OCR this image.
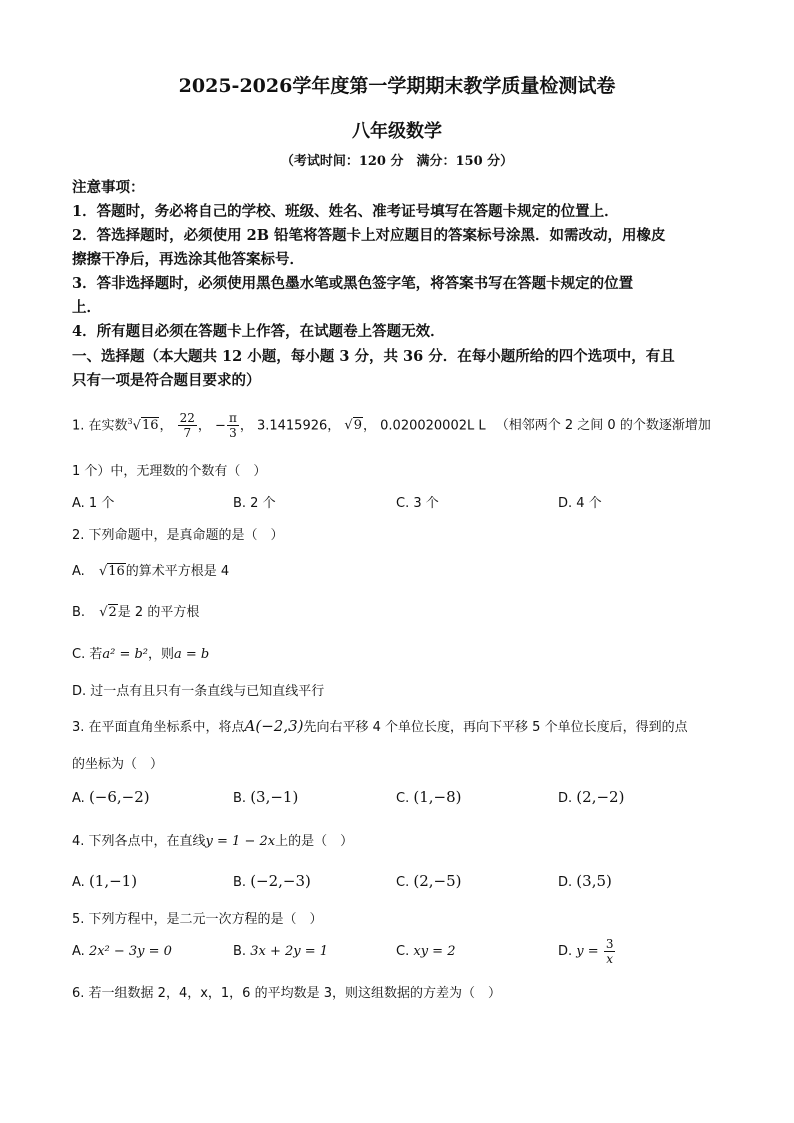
2025-2026学年度第一学期期末教学质量检测试卷
八年级数学
（考试时间：120 分　满分：150 分）
注意事项：
1．答题时，务必将自己的学校、班级、姓名、准考证号填写在答题卡规定的位置上．
2．答选择题时，必须使用 2B 铅笔将答题卡上对应题目的答案标号涂黑．如需改动，用橡皮
擦擦干净后，再选涂其他答案标号．
3．答非选择题时，必须使用黑色墨水笔或黑色签字笔，将答案书写在答题卡规定的位置
上．
4．所有题目必须在答题卡上作答，在试题卷上答题无效．
一、选择题（本大题共 12 小题，每小题 3 分，共 36 分．在每小题所给的四个选项中，有且
只有一项是符合题目要求的）
1. 在实数$^3$√16， $\frac{22}{7}$ ， − $\frac{\pi}{3}$ ， 3.1415926， √9， 0.020020002L L （相邻两个 2 之间 0 的个数逐渐增加
1 个）中，无理数的个数有（　）
A. 1 个	B. 2 个	C. 3 个	D. 4 个
2. 下列命题中，是真命题的是（　）
A. √16的算术平方根是 4
B. √2是 2 的平方根
C. 若a² = b²，则a = b
D. 过一点有且只有一条直线与已知直线平行
3. 在平面直角坐标系中，将点A(−2,3)先向右平移 4 个单位长度，再向下平移 5 个单位长度后，得到的点
的坐标为（　）
A. (−6,−2)	B. (3,−1)	C. (1,−8)	D. (2,−2)
4. 下列各点中，在直线y = 1 − 2x上的是（　）
A. (1,−1)	B. (−2,−3)	C. (2,−5)	D. (3,5)
5. 下列方程中，是二元一次方程的是（　）
A. 2x² − 3y = 0	B. 3x + 2y = 1	C. xy = 2	D. $y = \frac{3}{x}$
6. 若一组数据 2，4，x，1，6 的平均数是 3，则这组数据的方差为（　）
